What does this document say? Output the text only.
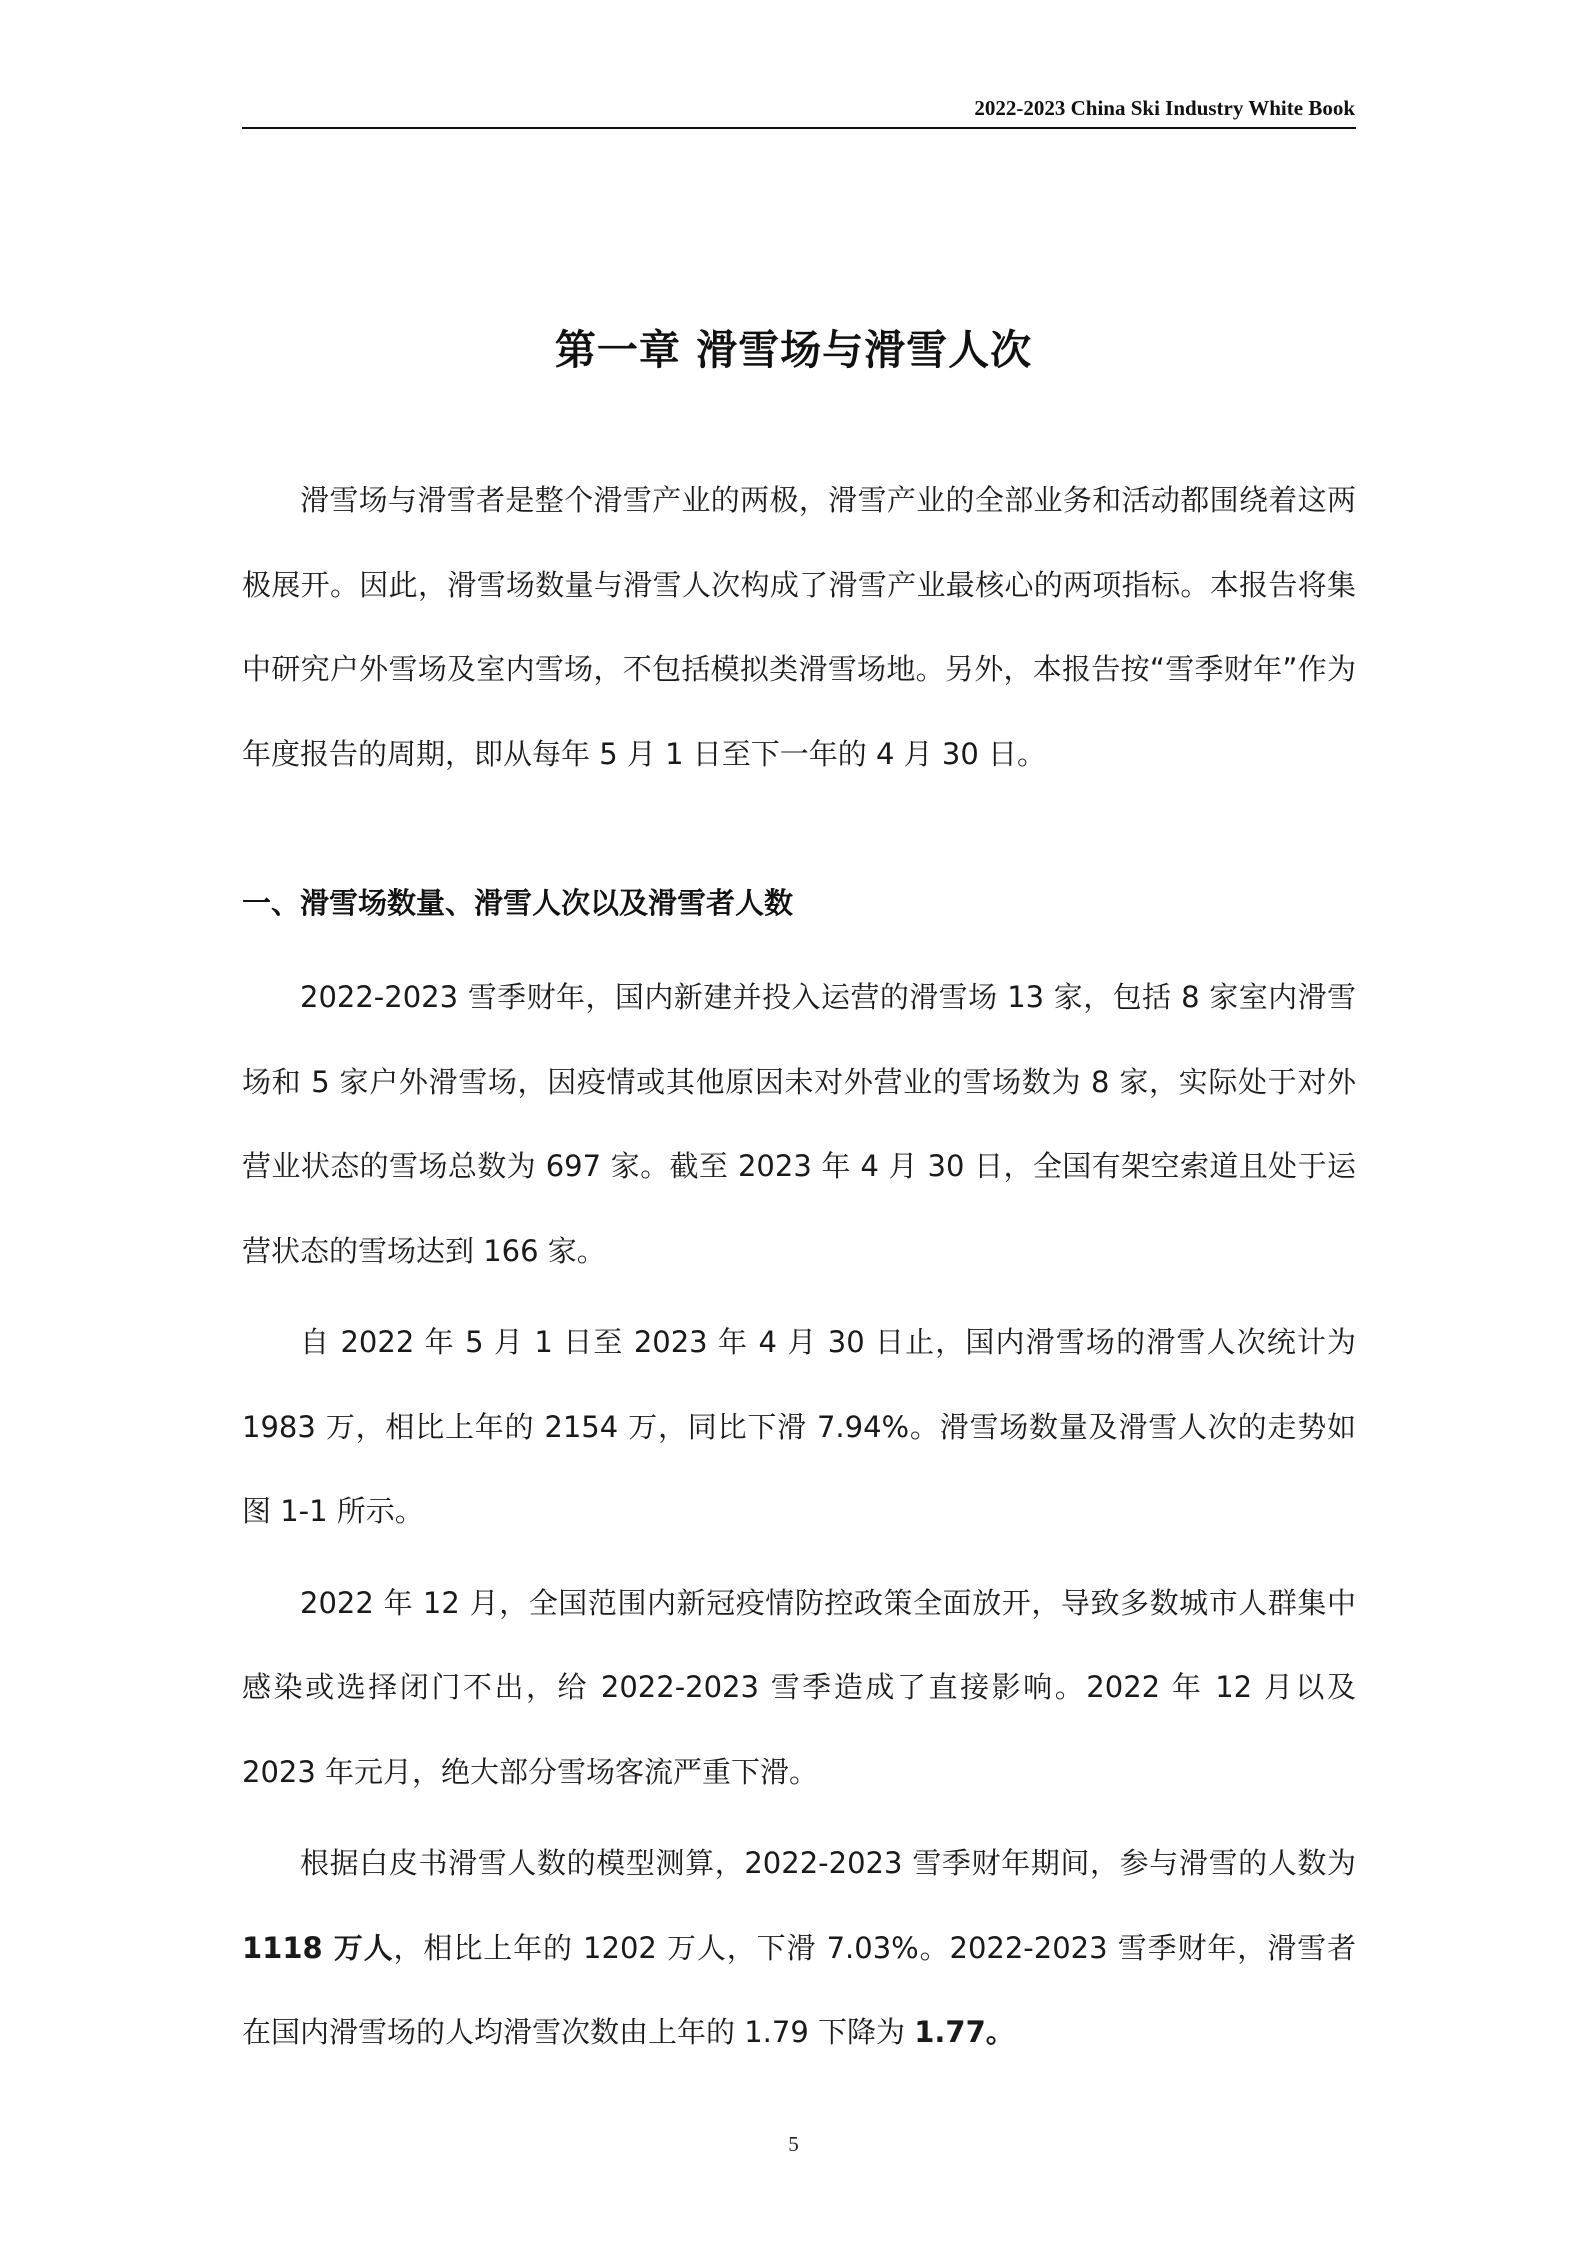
2022-2023 China Ski Industry White Book
第一章 滑雪场与滑雪人次

滑雪场与滑雪者是整个滑雪产业的两极，滑雪产业的全部业务和活动都围绕着这两极展开。因此，滑雪场数量与滑雪人次构成了滑雪产业最核心的两项指标。本报告将集中研究户外雪场及室内雪场，不包括模拟类滑雪场地。另外，本报告按“雪季财年”作为年度报告的周期，即从每年 5 月 1 日至下一年的 4 月 30 日。

一、滑雪场数量、滑雪人次以及滑雪者人数

2022-2023 雪季财年，国内新建并投入运营的滑雪场 13 家，包括 8 家室内滑雪场和 5 家户外滑雪场，因疫情或其他原因未对外营业的雪场数为 8 家，实际处于对外营业状态的雪场总数为 697 家。截至 2023 年 4 月 30 日，全国有架空索道且处于运营状态的雪场达到 166 家。

自 2022 年 5 月 1 日至 2023 年 4 月 30 日止，国内滑雪场的滑雪人次统计为 1983 万，相比上年的 2154 万，同比下滑 7.94%。滑雪场数量及滑雪人次的走势如图 1-1 所示。

2022 年 12 月，全国范围内新冠疫情防控政策全面放开，导致多数城市人群集中感染或选择闭门不出，给 2022-2023 雪季造成了直接影响。2022 年 12 月以及 2023 年元月，绝大部分雪场客流严重下滑。

根据白皮书滑雪人数的模型测算，2022-2023 雪季财年期间，参与滑雪的人数为 1118 万人，相比上年的 1202 万人，下滑 7.03%。2022-2023 雪季财年，滑雪者在国内滑雪场的人均滑雪次数由上年的 1.79 下降为 1.77。

5
